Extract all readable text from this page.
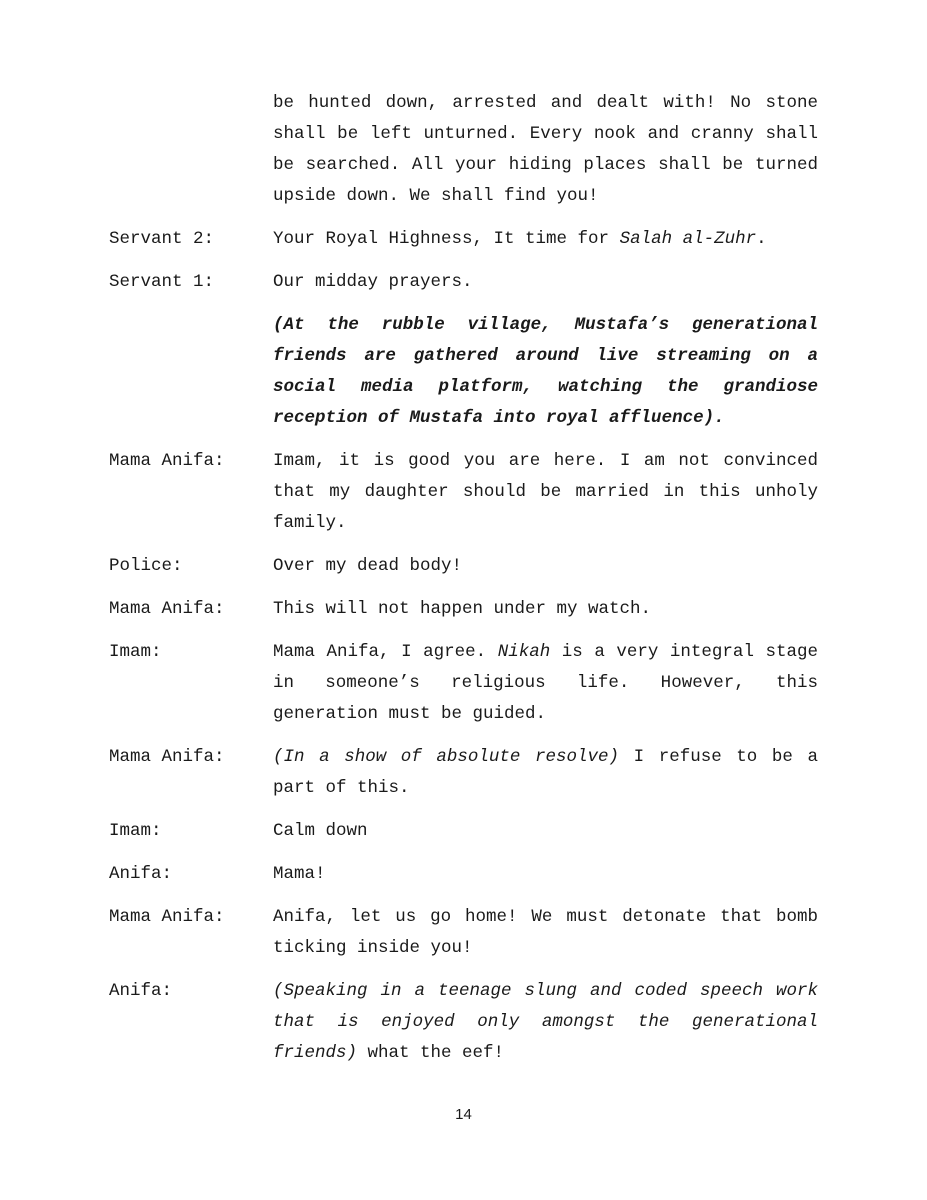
be hunted down, arrested and dealt with! No stone
shall be left unturned. Every nook and cranny shall
be searched. All your hiding places shall be turned
upside down. We shall find you!
Servant 2:	Your Royal Highness, It time for Salah al-Zuhr.
Servant 1:	Our midday prayers.
(At the rubble village, Mustafa’s generational
friends are gathered around live streaming on a
social media platform, watching the grandiose
reception of Mustafa into royal affluence).
Mama Anifa:	Imam, it is good you are here. I am not convinced
that my daughter should be married in this unholy
family.
Police:	Over my dead body!
Mama Anifa:	This will not happen under my watch.
Imam:	Mama Anifa, I agree. Nikah is a very integral stage
in someone’s religious life. However, this
generation must be guided.
Mama Anifa:	(In a show of absolute resolve) I refuse to be a
part of this.
Imam:	Calm down
Anifa:	Mama!
Mama Anifa:	Anifa, let us go home! We must detonate that bomb
ticking inside you!
Anifa:	(Speaking in a teenage slung and coded speech work
that is enjoyed only amongst the generational
friends) what the eef!
14
